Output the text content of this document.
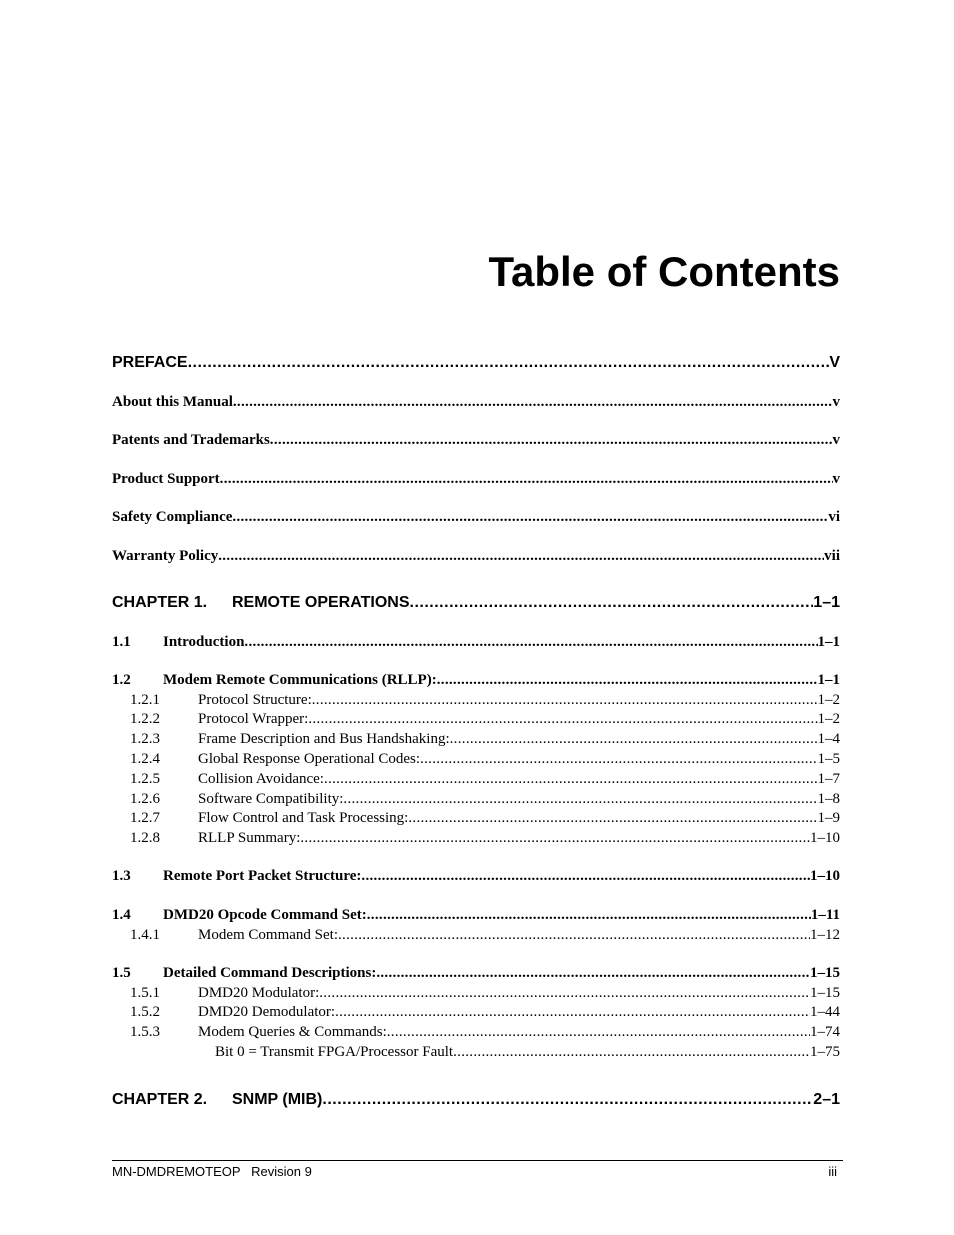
Table of Contents
PREFACE .....	V
About this Manual .....	v
Patents and Trademarks .....	v
Product Support .....	v
Safety Compliance .....	vi
Warranty Policy .....	vii
CHAPTER 1.	REMOTE OPERATIONS .....	1–1
1.1	Introduction .....	1–1
1.2	Modem Remote Communications (RLLP): .....	1–1
1.2.1	Protocol Structure: .....	1–2
1.2.2	Protocol Wrapper: .....	1–2
1.2.3	Frame Description and Bus Handshaking: .....	1–4
1.2.4	Global Response Operational Codes: .....	1–5
1.2.5	Collision Avoidance: .....	1–7
1.2.6	Software Compatibility: .....	1–8
1.2.7	Flow Control and Task Processing: .....	1–9
1.2.8	RLLP Summary: .....	1–10
1.3	Remote Port Packet Structure: .....	1–10
1.4	DMD20 Opcode Command Set: .....	1–11
1.4.1	Modem Command Set: .....	1–12
1.5	Detailed Command Descriptions: .....	1–15
1.5.1	DMD20 Modulator: .....	1–15
1.5.2	DMD20 Demodulator: .....	1–44
1.5.3	Modem Queries & Commands: .....	1–74
Bit 0 = Transmit FPGA/Processor Fault .....	1–75
CHAPTER 2.	SNMP (MIB) .....	2–1
MN-DMDREMOTEOP   Revision 9	iii
